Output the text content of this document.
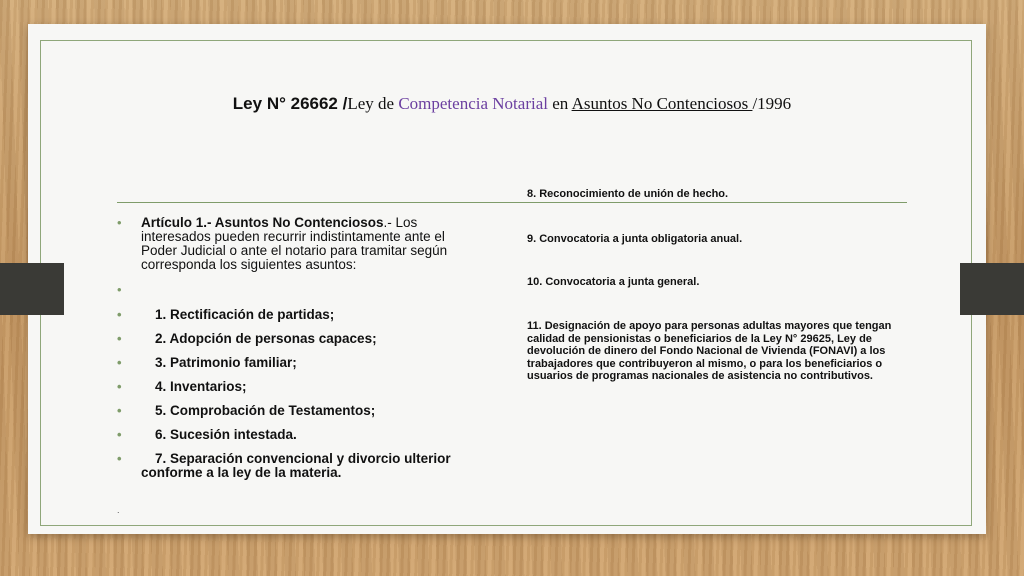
Ley N° 26662 /Ley de Competencia Notarial en Asuntos No Contenciosos /1996
• Artículo 1.- Asuntos No Contenciosos.- Los interesados pueden recurrir indistintamente ante el Poder Judicial o ante el notario para tramitar según corresponda los siguientes asuntos:
•
• 1. Rectificación de partidas;
• 2. Adopción de personas capaces;
• 3. Patrimonio familiar;
• 4. Inventarios;
• 5. Comprobación de Testamentos;
• 6. Sucesión intestada.
• 7. Separación convencional y divorcio ulterior conforme a la ley de la materia.
.
8. Reconocimiento de unión de hecho.
9. Convocatoria a junta obligatoria anual.
10. Convocatoria a junta general.
11. Designación de apoyo para personas adultas mayores que tengan calidad de pensionistas o beneficiarios de la Ley N° 29625, Ley de devolución de dinero del Fondo Nacional de Vivienda (FONAVI) a los trabajadores que contribuyeron al mismo, o para los beneficiarios o usuarios de programas nacionales de asistencia no contributivos.
